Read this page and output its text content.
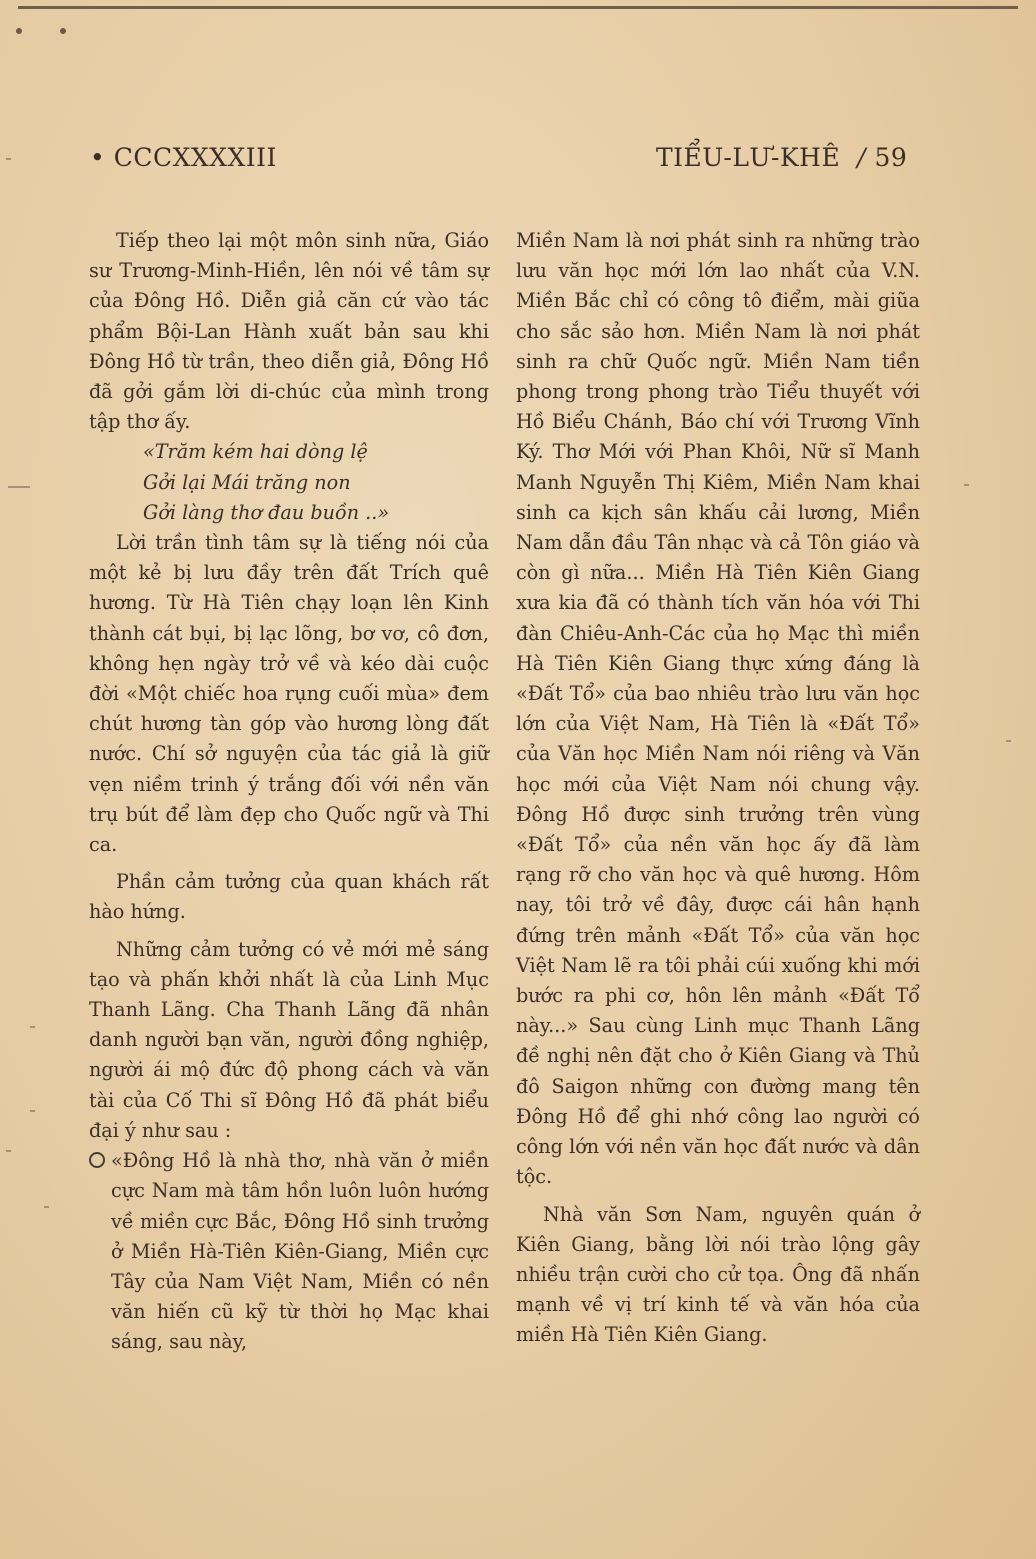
• CCCXXXXIII	TIỂU-LƯ-KHÊ / 59

Tiếp theo lại một môn sinh nữa, Giáo sư Trương-Minh-Hiền, lên nói về tâm sự của Đông Hồ. Diễn giả căn cứ vào tác phẩm Bội-Lan Hành xuất bản sau khi Đông Hồ từ trần, theo diễn giả, Đông Hồ đã gởi gắm lời di-chúc của mình trong tập thơ ấy.

«Trăm kém hai dòng lệ
Gởi lại Mái trăng non
Gởi làng thơ đau buồn ..»

Lời trần tình tâm sự là tiếng nói của một kẻ bị lưu đầy trên đất Trích quê hương. Từ Hà Tiên chạy loạn lên Kinh thành cát bụi, bị lạc lõng, bơ vơ, cô đơn, không hẹn ngày trở về và kéo dài cuộc đời «Một chiếc hoa rụng cuối mùa» đem chút hương tàn góp vào hương lòng đất nước. Chí sở nguyện của tác giả là giữ vẹn niềm trinh ý trắng đối với nền văn trụ bút để làm đẹp cho Quốc ngữ và Thi ca.

Phần cảm tưởng của quan khách rất hào hứng.

Những cảm tưởng có vẻ mới mẻ sáng tạo và phấn khởi nhất là của Linh Mục Thanh Lãng. Cha Thanh Lãng đã nhân danh người bạn văn, người đồng nghiệp, người ái mộ đức độ phong cách và văn tài của Cố Thi sĩ Đông Hồ đã phát biểu đại ý như sau :

«Đông Hồ là nhà thơ, nhà văn ở miền cực Nam mà tâm hồn luôn luôn hướng về miền cực Bắc, Đông Hồ sinh trưởng ở Miền Hà-Tiên Kiên-Giang, Miền cực Tây của Nam Việt Nam, Miền có nền văn hiến cũ kỹ từ thời họ Mạc khai sáng, sau này,

Miền Nam là nơi phát sinh ra những trào lưu văn học mới lớn lao nhất của V.N. Miền Bắc chỉ có công tô điểm, mài giũa cho sắc sảo hơn. Miền Nam là nơi phát sinh ra chữ Quốc ngữ. Miền Nam tiền phong trong phong trào Tiểu thuyết với Hồ Biểu Chánh, Báo chí với Trương Vĩnh Ký. Thơ Mới với Phan Khôi, Nữ sĩ Manh Manh Nguyễn Thị Kiêm, Miền Nam khai sinh ca kịch sân khấu cải lương, Miền Nam dẫn đầu Tân nhạc và cả Tôn giáo và còn gì nữa... Miền Hà Tiên Kiên Giang xưa kia đã có thành tích văn hóa với Thi đàn Chiêu-Anh-Các của họ Mạc thì miền Hà Tiên Kiên Giang thực xứng đáng là «Đất Tổ» của bao nhiêu trào lưu văn học lớn của Việt Nam, Hà Tiên là «Đất Tổ» của Văn học Miền Nam nói riêng và Văn học mới của Việt Nam nói chung vậy. Đông Hồ được sinh trưởng trên vùng «Đất Tổ» của nền văn học ấy đã làm rạng rỡ cho văn học và quê hương. Hôm nay, tôi trở về đây, được cái hân hạnh đứng trên mảnh «Đất Tổ» của văn học Việt Nam lẽ ra tôi phải cúi xuống khi mới bước ra phi cơ, hôn lên mảnh «Đất Tổ này...» Sau cùng Linh mục Thanh Lãng đề nghị nên đặt cho ở Kiên Giang và Thủ đô Saigon những con đường mang tên Đông Hồ để ghi nhớ công lao người có công lớn với nền văn học đất nước và dân tộc.

Nhà văn Sơn Nam, nguyên quán ở Kiên Giang, bằng lời nói trào lộng gây nhiều trận cười cho cử tọa. Ông đã nhấn mạnh về vị trí kinh tế và văn hóa của miền Hà Tiên Kiên Giang.
